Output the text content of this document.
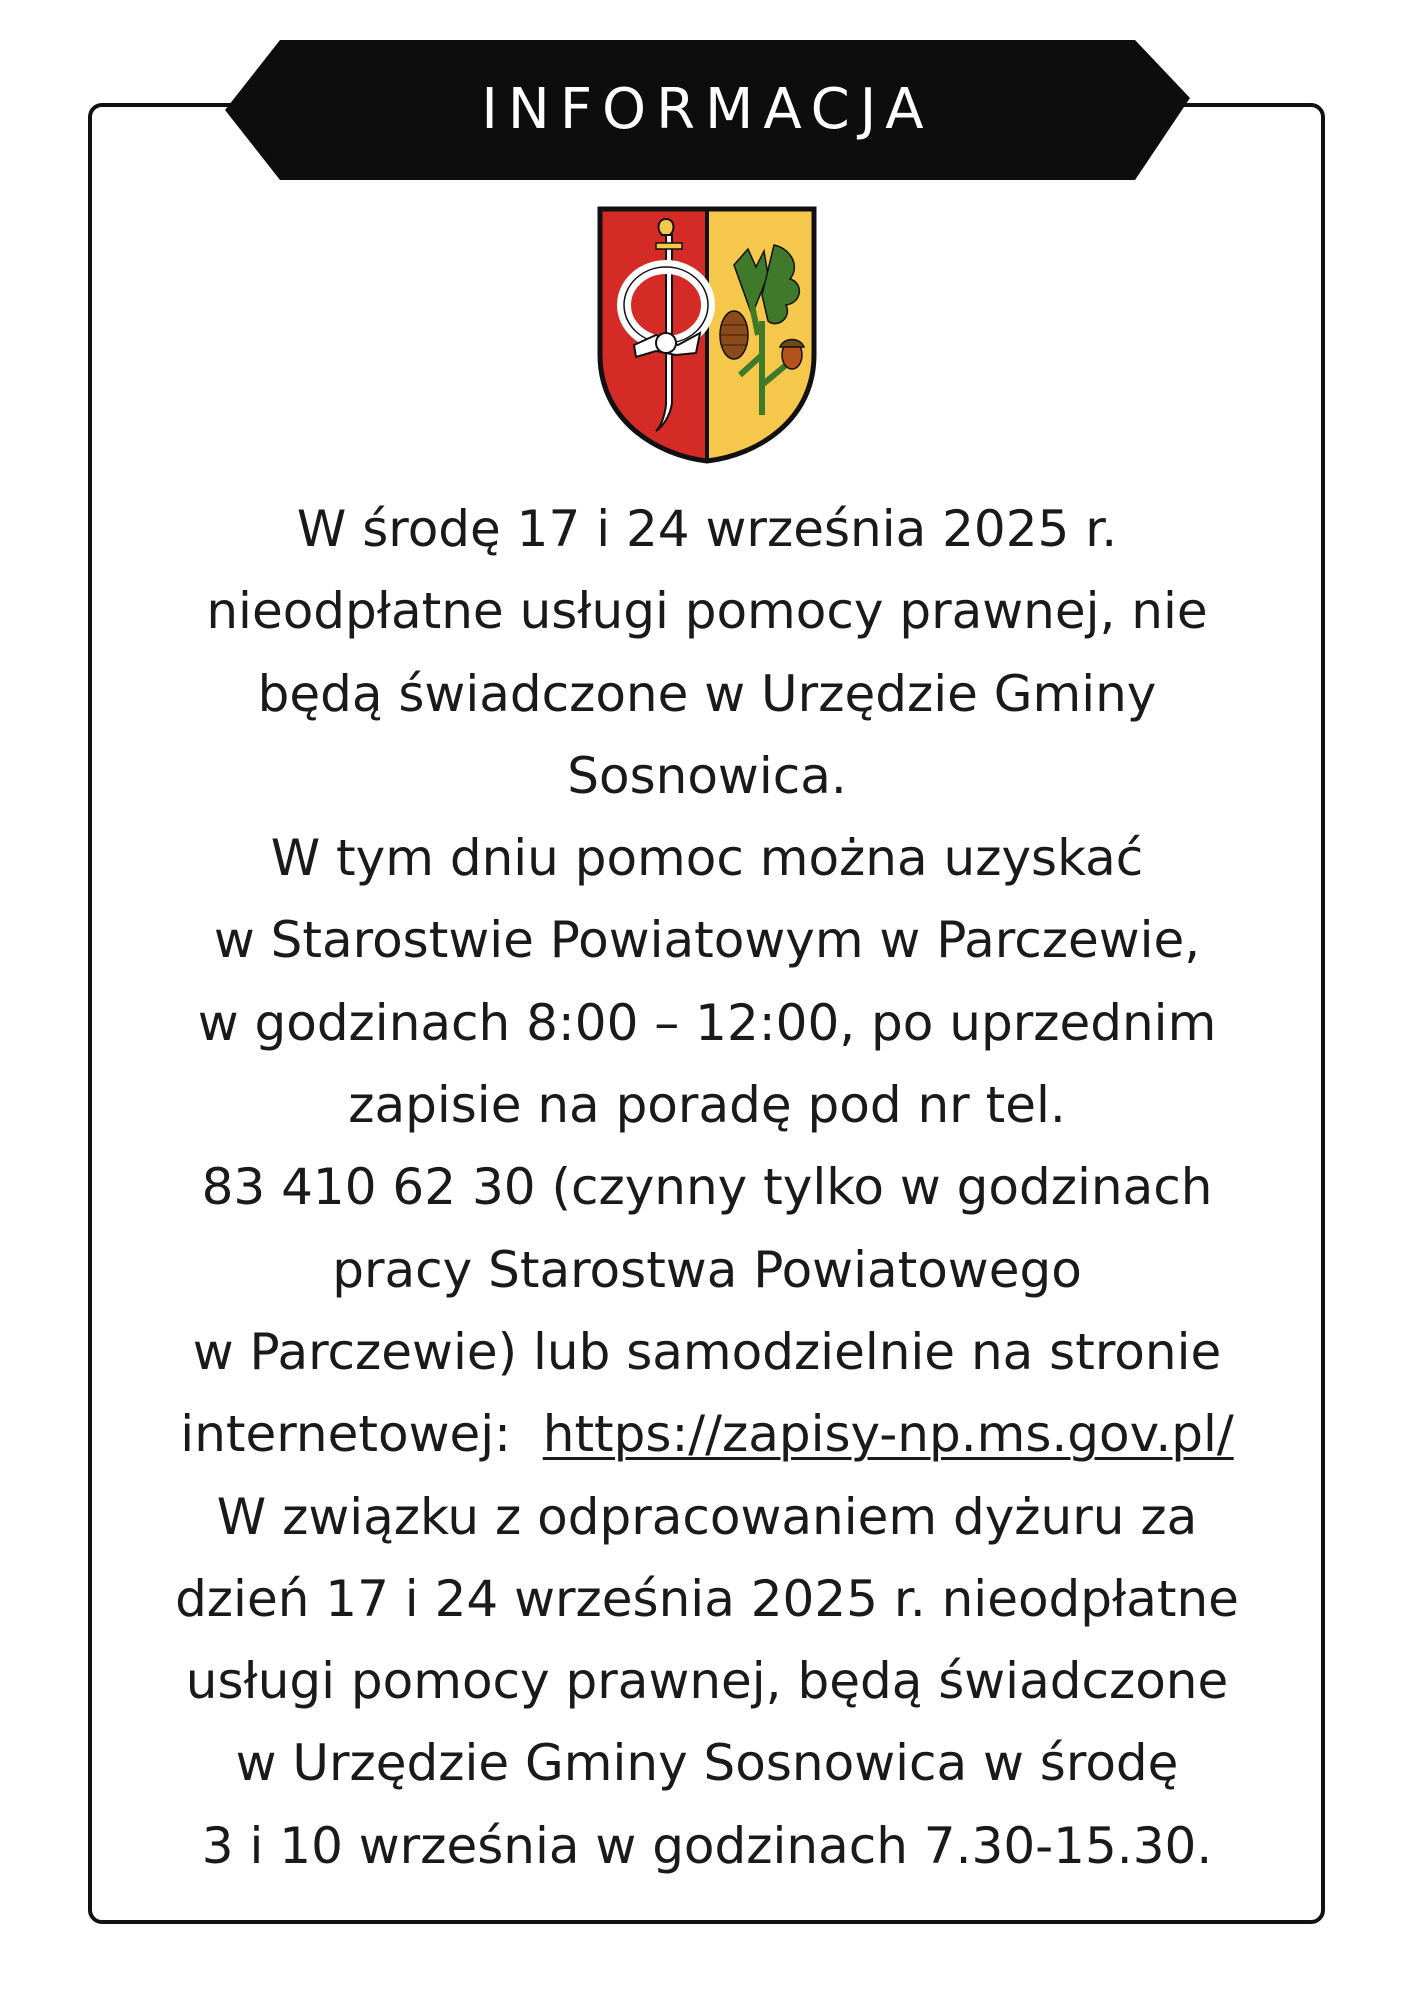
INFORMACJA
W środę 17 i 24 września 2025 r.
nieodpłatne usługi pomocy prawnej, nie
będą świadczone w Urzędzie Gminy
Sosnowica.
W tym dniu pomoc można uzyskać
w Starostwie Powiatowym w Parczewie,
w godzinach 8:00 – 12:00, po uprzednim
zapisie na poradę pod nr tel.
83 410 62 30 (czynny tylko w godzinach
pracy Starostwa Powiatowego
w Parczewie) lub samodzielnie na stronie
internetowej: https://zapisy-np.ms.gov.pl/
W związku z odpracowaniem dyżuru za
dzień 17 i 24 września 2025 r. nieodpłatne
usługi pomocy prawnej, będą świadczone
w Urzędzie Gminy Sosnowica w środę
3 i 10 września w godzinach 7.30-15.30.
